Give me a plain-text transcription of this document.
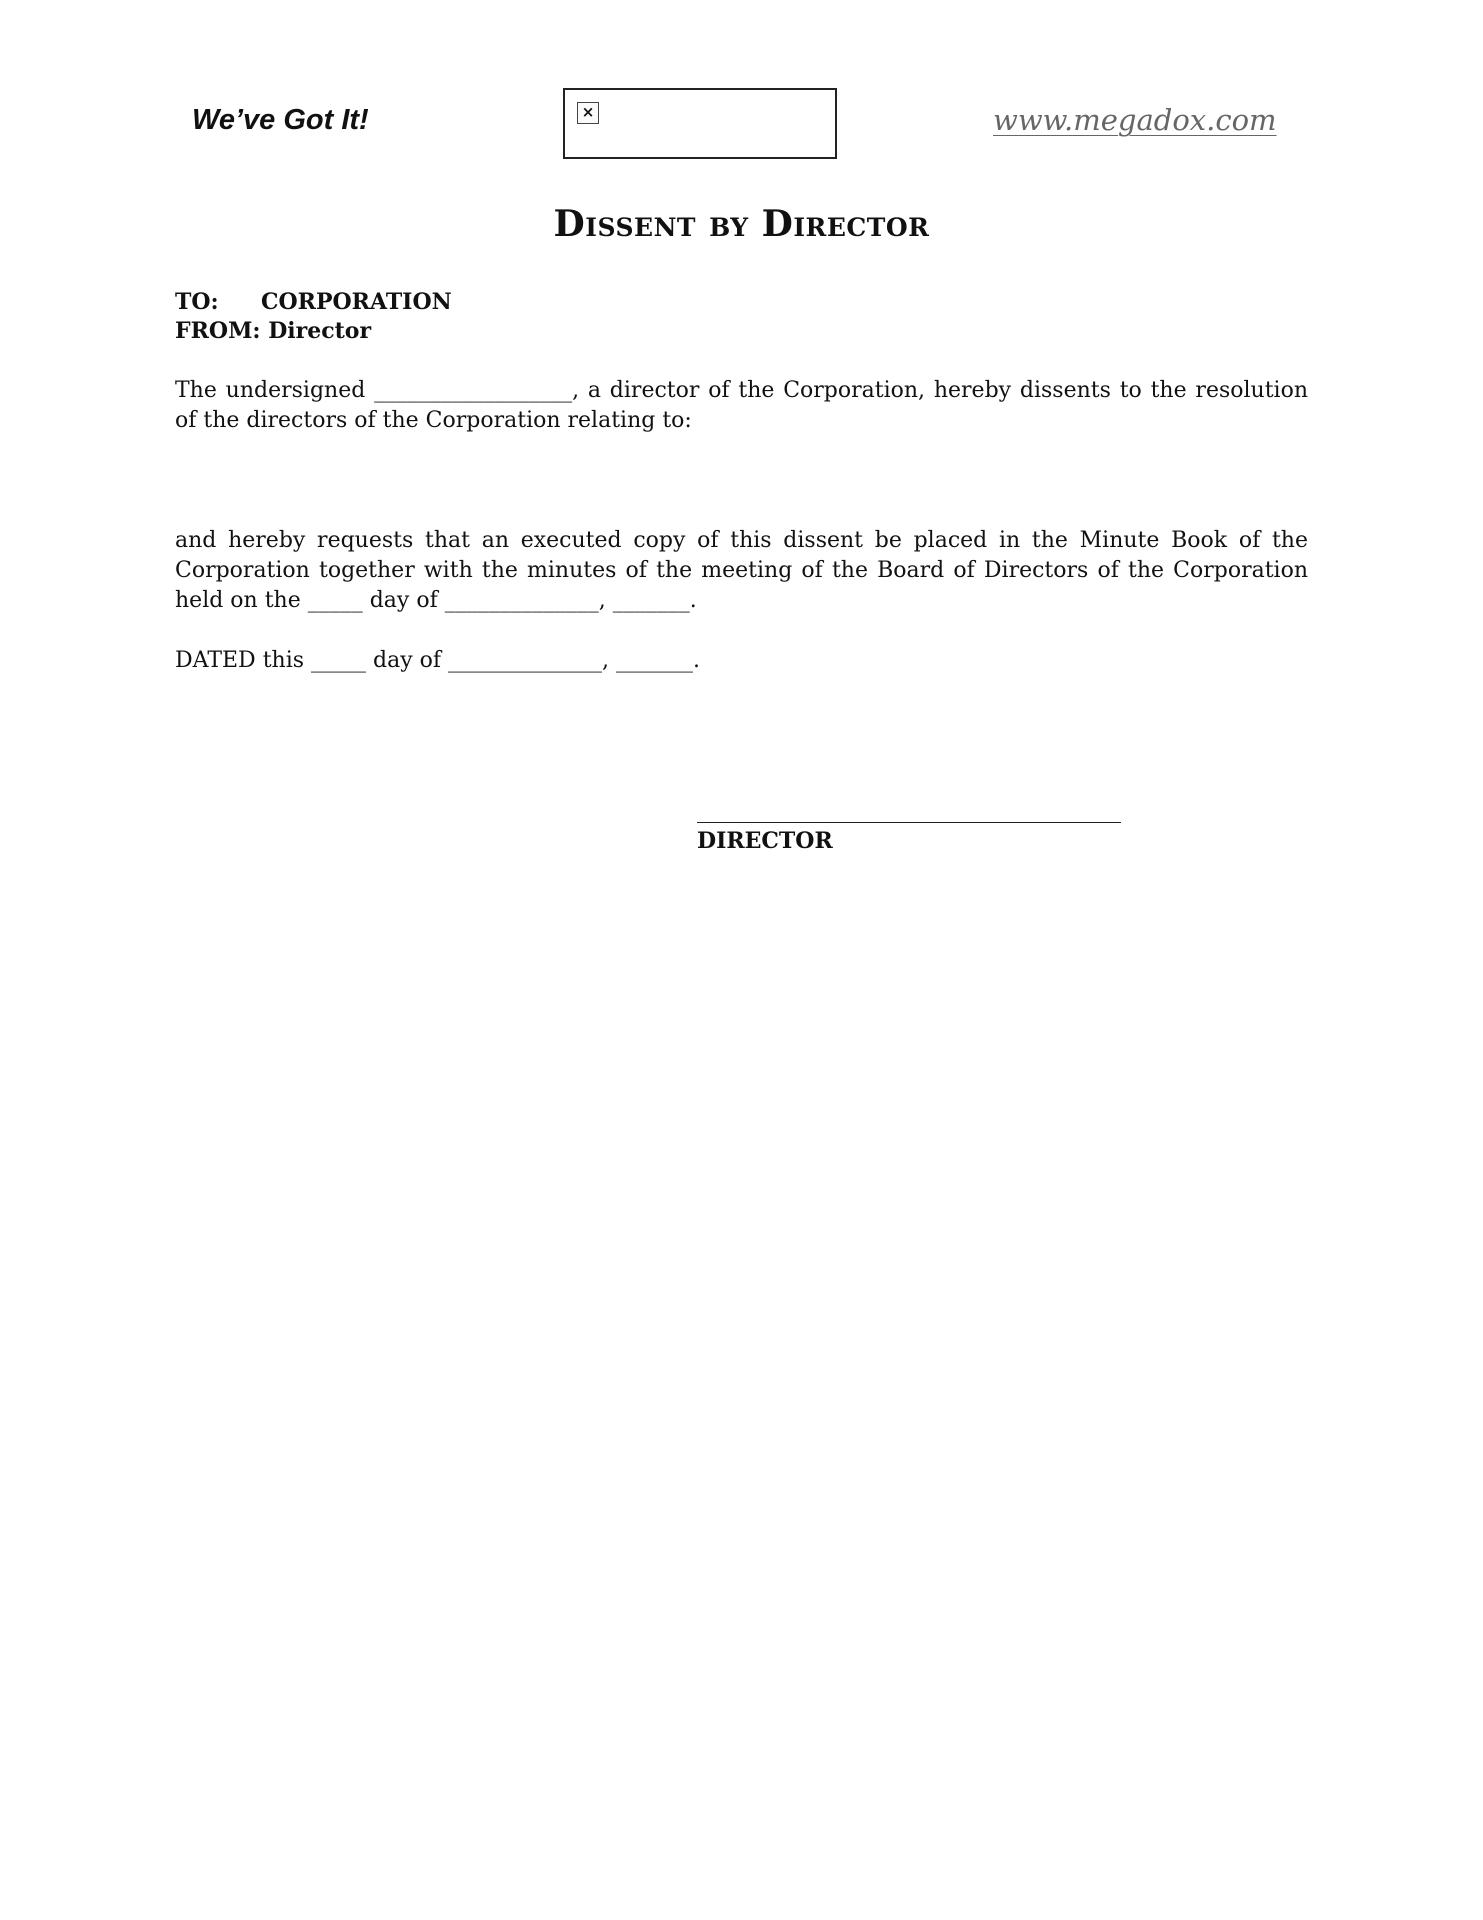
We’ve Got It!	×	www.megadox.com
Dissent by Director
TO: CORPORATION
FROM: Director
The undersigned __________________, a director of the Corporation, hereby dissents to the resolution of the directors of the Corporation relating to:
and hereby requests that an executed copy of this dissent be placed in the Minute Book of the Corporation together with the minutes of the meeting of the Board of Directors of the Corporation held on the _____ day of ______________, _______.
DATED this _____ day of ______________, _______.
DIRECTOR
